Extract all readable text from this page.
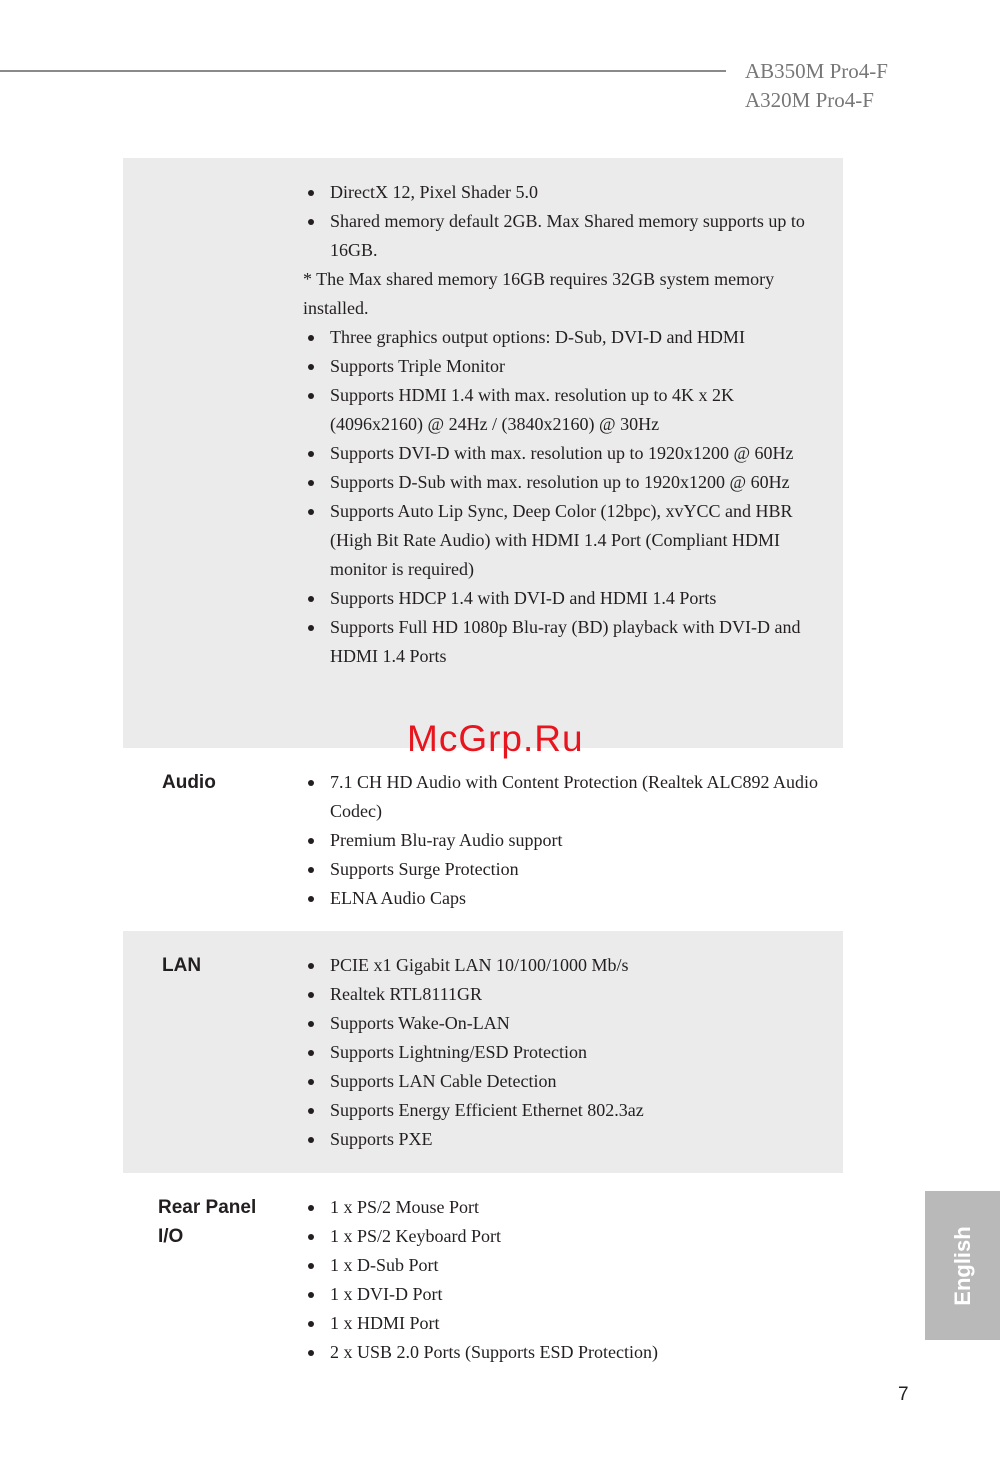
AB350M Pro4-F
A320M Pro4-F
DirectX 12, Pixel Shader 5.0
Shared memory default 2GB. Max Shared memory supports up to 16GB.
* The Max shared memory 16GB requires 32GB system memory installed.
Three graphics output options: D-Sub, DVI-D and HDMI
Supports Triple Monitor
Supports HDMI 1.4 with max. resolution up to 4K x 2K (4096x2160) @ 24Hz / (3840x2160) @ 30Hz
Supports DVI-D with max. resolution up to 1920x1200 @ 60Hz
Supports D-Sub with max. resolution up to 1920x1200 @ 60Hz
Supports Auto Lip Sync, Deep Color (12bpc), xvYCC and HBR (High Bit Rate Audio) with HDMI 1.4 Port (Compliant HDMI monitor is required)
Supports HDCP 1.4 with DVI-D and HDMI 1.4 Ports
Supports Full HD 1080p Blu-ray (BD) playback with DVI-D and HDMI 1.4 Ports
Audio	7.1 CH HD Audio with Content Protection (Realtek ALC892 Audio Codec)
Premium Blu-ray Audio support
Supports Surge Protection
ELNA Audio Caps
LAN	PCIE x1 Gigabit LAN 10/100/1000 Mb/s
Realtek RTL8111GR
Supports Wake-On-LAN
Supports Lightning/ESD Protection
Supports LAN Cable Detection
Supports Energy Efficient Ethernet 802.3az
Supports PXE
Rear Panel
I/O
1 x PS/2 Mouse Port
1 x PS/2 Keyboard Port
1 x D-Sub Port
1 x DVI-D Port
1 x HDMI Port
2 x USB 2.0 Ports (Supports ESD Protection)
McGrp.Ru
English
7
